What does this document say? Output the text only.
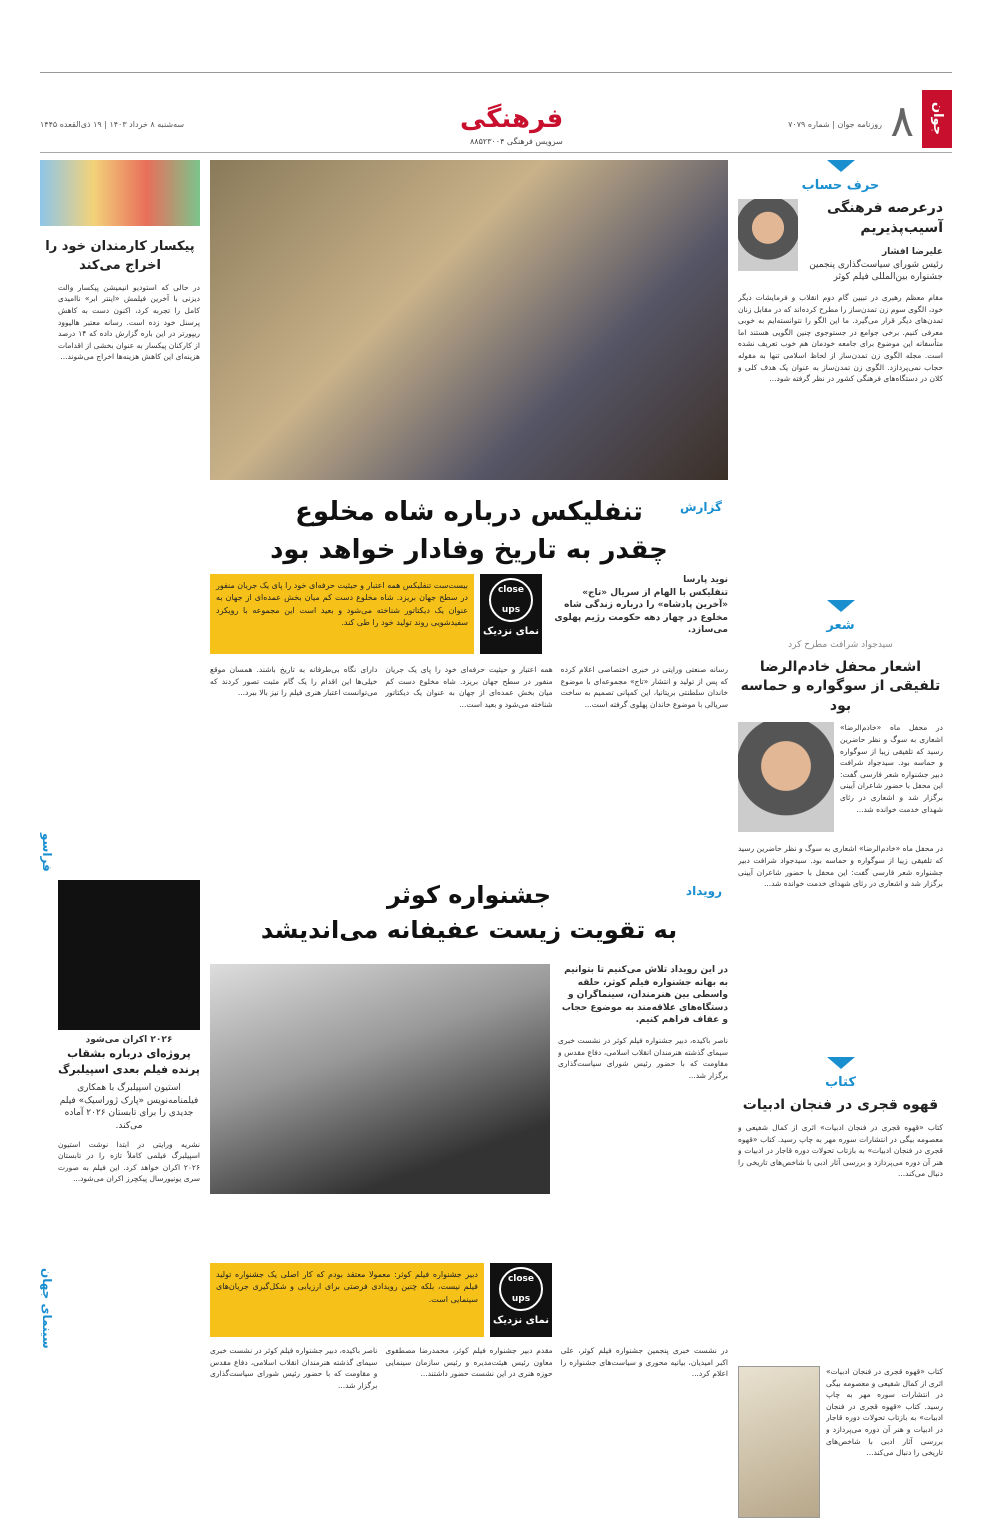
جوان
۸
روزنامه جوان | شماره ۷۰۷۹
فرهنگی
سرویس فرهنگی ۸۸۵۲۳۰۰۴
سه‌شنبه ۸ خرداد ۱۴۰۳ | ۱۹ ذی‌القعده ۱۴۴۵
حرف حساب
درعرصه فرهنگی آسیب‌پذیریم
علیرضا افشار
رئیس شورای سیاست‌گذاری پنجمین جشنواره بین‌المللی فیلم کوثر
مقام معظم رهبری در تبیین گام دوم انقلاب و فرمایشات دیگر خود، الگوی سوم زن تمدن‌ساز را مطرح کرده‌اند که در مقابل زنان تمدن‌های دیگر قرار می‌گیرد. ما این الگو را نتوانسته‌ایم به خوبی معرفی کنیم. برخی جوامع در جستوجوی چنین الگویی هستند اما متأسفانه این موضوع برای جامعه خودمان هم خوب تعریف نشده است. مجله الگوی زن تمدن‌ساز از لحاظ اسلامی تنها به مقوله حجاب نمی‌پردازد. الگوی زن تمدن‌ساز به عنوان یک هدف کلی و کلان در دستگاه‌های فرهنگی کشور در نظر گرفته شود...
شعر
سیدجواد شرافت مطرح کرد
اشعار محفل خادم‌الرضا تلفیقی از سوگواره و حماسه بود
در محفل ماه «خادم‌الرضا» اشعاری به سوگ و نظر حاضرین رسید که تلفیقی زیبا از سوگواره و حماسه بود. سیدجواد شرافت دبیر جشنواره شعر فارسی گفت: این محفل با حضور شاعران آیینی برگزار شد و اشعاری در رثای شهدای خدمت خوانده شد...
در محفل ماه «خادم‌الرضا» اشعاری به سوگ و نظر حاضرین رسید که تلفیقی زیبا از سوگواره و حماسه بود. سیدجواد شرافت دبیر جشنواره شعر فارسی گفت: این محفل با حضور شاعران آیینی برگزار شد و اشعاری در رثای شهدای خدمت خوانده شد...
کتاب
قهوه قجری در فنجان ادبیات
کتاب «قهوه قجری در فنجان ادبیات» اثری از کمال شفیعی و معصومه بیگی در انتشارات سوره مهر به چاپ رسید. کتاب «قهوه قجری در فنجان ادبیات» به بازتاب تحولات دوره قاجار در ادبیات و هنر آن دوره می‌پردازد و بررسی آثار ادبی با شاخص‌های تاریخی را دنبال می‌کند...
کتاب «قهوه قجری در فنجان ادبیات» اثری از کمال شفیعی و معصومه بیگی در انتشارات سوره مهر به چاپ رسید. کتاب «قهوه قجری در فنجان ادبیات» به بازتاب تحولات دوره قاجار در ادبیات و هنر آن دوره می‌پردازد و بررسی آثار ادبی با شاخص‌های تاریخی را دنبال می‌کند...
گزارش
تنفلیکس درباره شاه مخلوع
چقدر به تاریخ وفادار خواهد بود
نوید پارسا
تنفلیکس با الهام از سریال «تاج» «آخرین پادشاه» را درباره زندگی شاه مخلوع در چهار دهه حکومت رژیم پهلوی می‌سازد.
close ups
نمای نزدیک
بیست‌ست تنفلیکس همه اعتبار و حیثیت حرفه‌ای خود را پای یک جریان منفور در سطح جهان بریزد. شاه مخلوع دست کم میان بخش عمده‌ای از جهان به عنوان یک دیکتاتور شناخته می‌شود و بعید است این مجموعه با رویکرد سفیدشویی روند تولید خود را طی کند.
رسانه صنعتی ورایتی در خبری اختصاصی اعلام کرده که پس از تولید و انتشار «تاج» مجموعه‌ای با موضوع خاندان سلطنتی بریتانیا، این کمپانی تصمیم به ساخت سریالی با موضوع خاندان پهلوی گرفته است...
همه اعتبار و حیثیت حرفه‌ای خود را پای یک جریان منفور در سطح جهان بریزد. شاه مخلوع دست کم میان بخش عمده‌ای از جهان به عنوان یک دیکتاتور شناخته می‌شود و بعید است...
دارای نگاه بی‌طرفانه به تاریخ باشند. همسان موقع خیلی‌ها این اقدام را یک گام مثبت تصور کردند که می‌توانست اعتبار هنری فیلم را نیز بالا ببرد...
رویداد
جشنواره کوثر
به تقویت زیست عفیفانه می‌اندیشد
در این رویداد تلاش می‌کنیم تا بتوانیم به بهانه جشنواره فیلم کوثر، حلقه واسطی بین هنرمندان، سینماگران و دستگاه‌های علاقه‌مند به موضوع حجاب و عفاف فراهم کنیم.
ناصر باکیده، دبیر جشنواره فیلم کوثر در نشست خبری سیمای گذشته هنرمندان انقلاب اسلامی، دفاع مقدس و مقاومت که با حضور رئیس شورای سیاست‌گذاری برگزار شد...
close ups
نمای نزدیک
دبیر جشنواره فیلم کوثر: معمولا معتقد بودم که کار اصلی یک جشنواره تولید فیلم نیست، بلکه چنین رویدادی فرصتی برای ارزیابی و شکل‌گیری جریان‌های سینمایی است.
در نشست خبری پنجمین جشنواره فیلم کوثر، علی اکبر امیدیان، بیانیه محوری و سیاست‌های جشنواره را اعلام کرد...
مقدم دبیر جشنواره فیلم کوثر، محمدرضا مصطفوی معاون رئیس هیئت‌مدیره و رئیس سازمان سینمایی حوزه هنری در این نشست حضور داشتند...
ناصر باکیده، دبیر جشنواره فیلم کوثر در نشست خبری سیمای گذشته هنرمندان انقلاب اسلامی، دفاع مقدس و مقاومت که با حضور رئیس شورای سیاست‌گذاری برگزار شد...
پیکسار کارمندان خود را اخراج می‌کند
در حالی که استودیو انیمیشن پیکسار والت دیزنی با آخرین فیلمش «اینتر ابر» ناامیدی کامل را تجربه کرد، اکنون دست به کاهش پرسنل خود زده است. رسانه معتبر هالیوود ریپورتر در این باره گزارش داده که ۱۴ درصد از کارکنان پیکسار به عنوان بخشی از اقدامات هزینه‌ای این کاهش هزینه‌ها اخراج می‌شوند...
فراسو
۲۰۲۶ اکران می‌شود
پروژه‌ای درباره بشقاب پرنده فیلم بعدی اسپیلبرگ
استیون اسپیلبرگ با همکاری فیلمنامه‌نویس «پارک ژوراسیک» فیلم جدیدی را برای تابستان ۲۰۲۶ آماده می‌کند.
نشریه ورایتی در ابتدا نوشت استیون اسپیلبرگ فیلمی کاملاً تازه را در تابستان ۲۰۲۶ اکران خواهد کرد. این فیلم به صورت سری یونیورسال پیکچرز اکران می‌شود...
سینمای جهان
